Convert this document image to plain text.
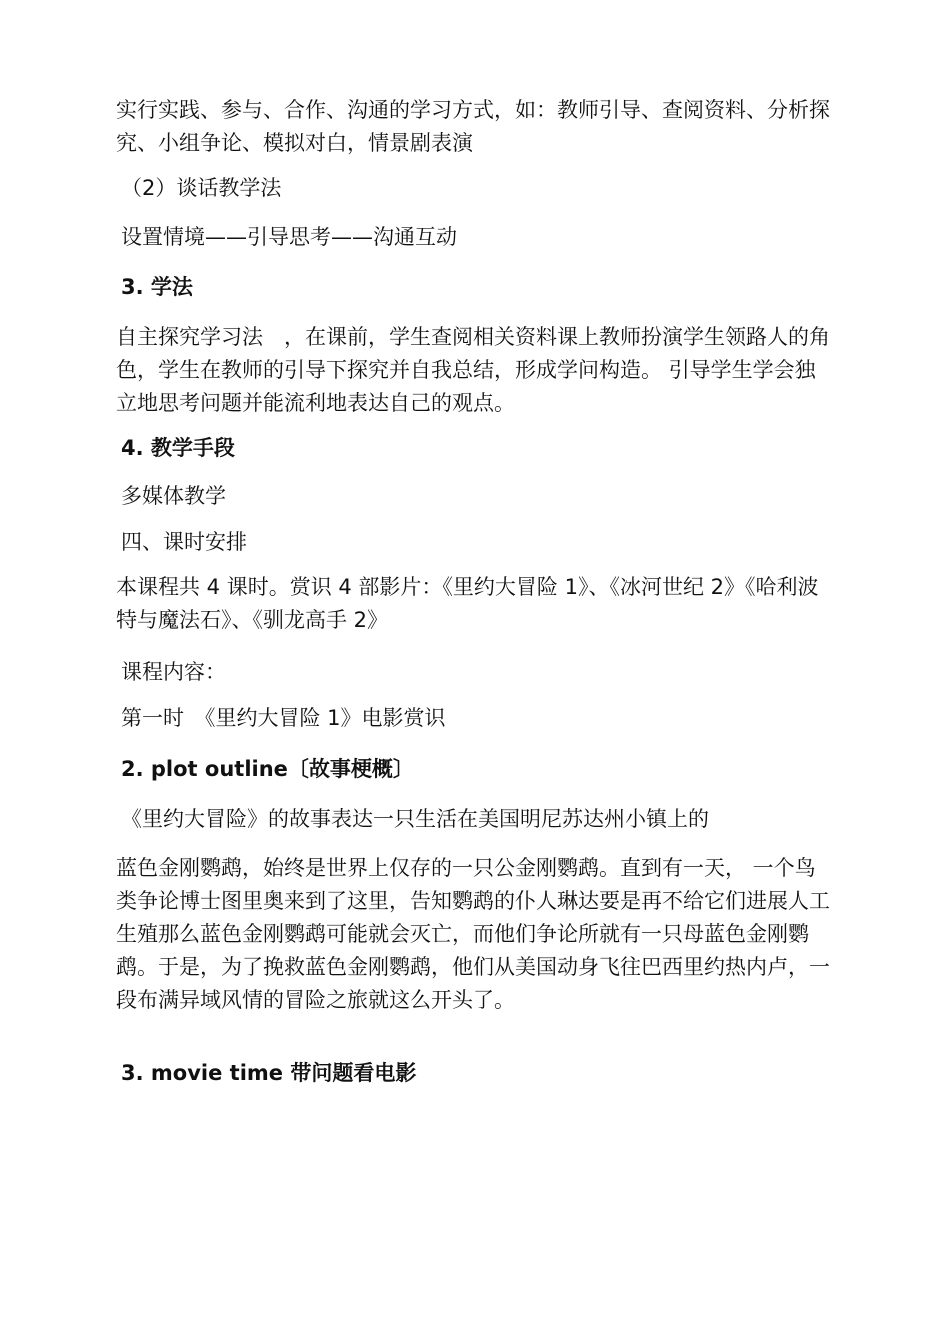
实行实践、参与、合作、沟通的学习方式，如：教师引导、查阅资料、分析探究、小组争论、模拟对白，情景剧表演

（2）谈话教学法

设置情境——引导思考——沟通互动

3. 学法

自主探究学习法　，在课前，学生查阅相关资料课上教师扮演学生领路人的角色，学生在教师的引导下探究并自我总结，形成学问构造。 引导学生学会独立地思考问题并能流利地表达自己的观点。

4. 教学手段

多媒体教学

四、课时安排

本课程共 4 课时。赏识 4 部影片：《里约大冒险 1》、《冰河世纪 2》《哈利波特与魔法石》、《驯龙高手 2》

课程内容：

第一时　《里约大冒险 1》电影赏识

2. plot outline〔故事梗概〕

《里约大冒险》的故事表达一只生活在美国明尼苏达州小镇上的

蓝色金刚鹦鹉，始终是世界上仅存的一只公金刚鹦鹉。直到有一天， 一个鸟类争论博士图里奥来到了这里，告知鹦鹉的仆人琳达要是再不给它们进展人工生殖那么蓝色金刚鹦鹉可能就会灭亡，而他们争论所就有一只母蓝色金刚鹦鹉。于是，为了挽救蓝色金刚鹦鹉，他们从美国动身飞往巴西里约热内卢，一段布满异域风情的冒险之旅就这么开头了。

3. movie time 带问题看电影
